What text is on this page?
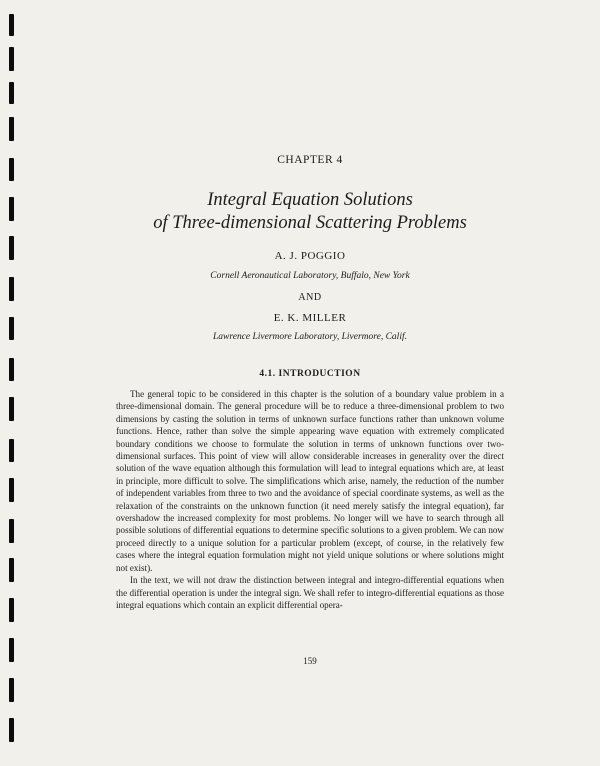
CHAPTER 4
Integral Equation Solutions
of Three-dimensional Scattering Problems
A. J. POGGIO
Cornell Aeronautical Laboratory, Buffalo, New York
AND
E. K. MILLER
Lawrence Livermore Laboratory, Livermore, Calif.
4.1. INTRODUCTION

The general topic to be considered in this chapter is the solution of a boundary value problem in a three-dimensional domain. The general procedure will be to reduce a three-dimensional problem to two dimensions by casting the solution in terms of unknown surface functions rather than unknown volume functions. Hence, rather than solve the simple appearing wave equation with extremely complicated boundary conditions we choose to formulate the solution in terms of unknown functions over two-dimensional surfaces. This point of view will allow considerable increases in generality over the direct solution of the wave equation although this formulation will lead to integral equations which are, at least in principle, more difficult to solve. The simplifications which arise, namely, the reduction of the number of independent variables from three to two and the avoidance of special coordinate systems, as well as the relaxation of the constraints on the unknown function (it need merely satisfy the integral equation), far overshadow the increased complexity for most problems. No longer will we have to search through all possible solutions of differential equations to determine specific solutions to a given problem. We can now proceed directly to a unique solution for a particular problem (except, of course, in the relatively few cases where the integral equation formulation might not yield unique solutions or where solutions might not exist).

In the text, we will not draw the distinction between integral and integro-differential equations when the differential operation is under the integral sign. We shall refer to integro-differential equations as those integral equations which contain an explicit differential opera-

159
